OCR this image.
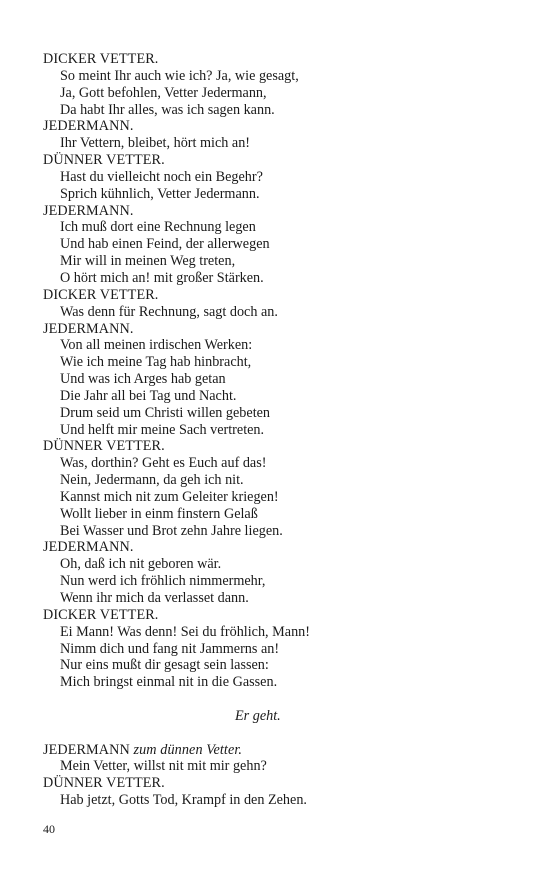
DICKER VETTER.
So meint Ihr auch wie ich? Ja, wie gesagt,
Ja, Gott befohlen, Vetter Jedermann,
Da habt Ihr alles, was ich sagen kann.
JEDERMANN.
Ihr Vettern, bleibet, hört mich an!
DÜNNER VETTER.
Hast du vielleicht noch ein Begehr?
Sprich kühnlich, Vetter Jedermann.
JEDERMANN.
Ich muß dort eine Rechnung legen
Und hab einen Feind, der allerwegen
Mir will in meinen Weg treten,
O hört mich an! mit großer Stärken.
DICKER VETTER.
Was denn für Rechnung, sagt doch an.
JEDERMANN.
Von all meinen irdischen Werken:
Wie ich meine Tag hab hinbracht,
Und was ich Arges hab getan
Die Jahr all bei Tag und Nacht.
Drum seid um Christi willen gebeten
Und helft mir meine Sach vertreten.
DÜNNER VETTER.
Was, dorthin? Geht es Euch auf das!
Nein, Jedermann, da geh ich nit.
Kannst mich nit zum Geleiter kriegen!
Wollt lieber in einm finstern Gelaß
Bei Wasser und Brot zehn Jahre liegen.
JEDERMANN.
Oh, daß ich nit geboren wär.
Nun werd ich fröhlich nimmermehr,
Wenn ihr mich da verlasset dann.
DICKER VETTER.
Ei Mann! Was denn! Sei du fröhlich, Mann!
Nimm dich und fang nit Jammerns an!
Nur eins mußt dir gesagt sein lassen:
Mich bringst einmal nit in die Gassen.
Er geht.
JEDERMANN zum dünnen Vetter.
Mein Vetter, willst nit mit mir gehn?
DÜNNER VETTER.
Hab jetzt, Gotts Tod, Krampf in den Zehen.
40
